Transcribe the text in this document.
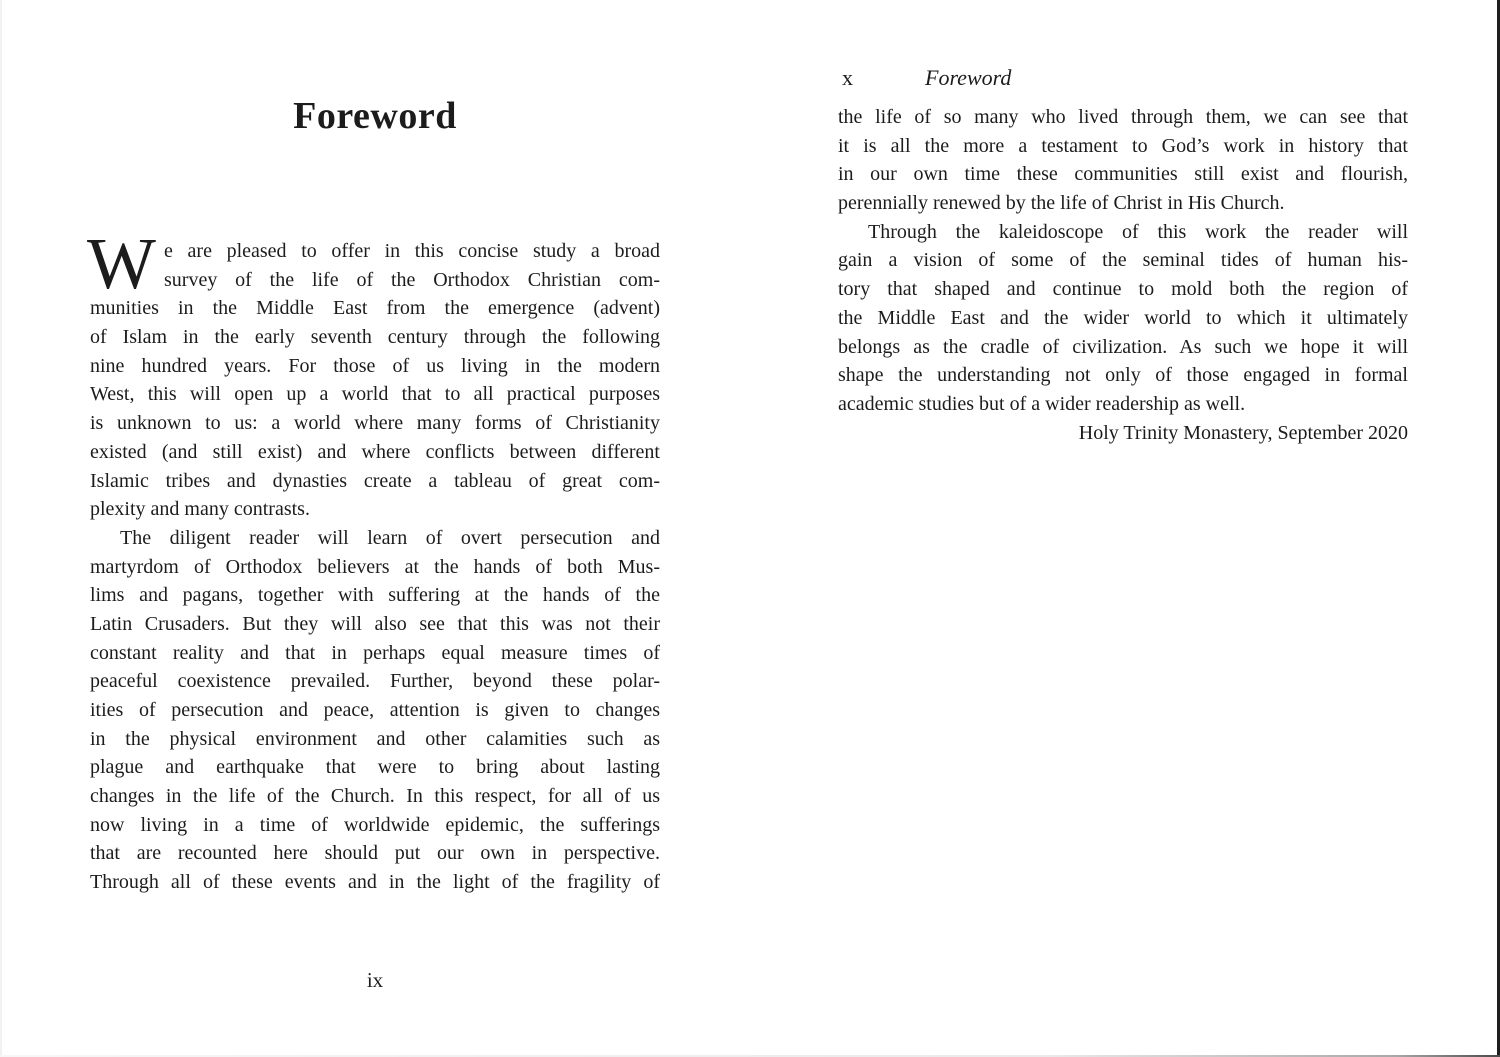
Foreword
W e are pleased to offer in this concise study a broad
survey of the life of the Orthodox Christian com-
munities in the Middle East from the emergence (advent)
of Islam in the early seventh century through the following
nine hundred years. For those of us living in the modern
West, this will open up a world that to all practical purposes
is unknown to us: a world where many forms of Christianity
existed (and still exist) and where conflicts between different
Islamic tribes and dynasties create a tableau of great com-
plexity and many contrasts.
The diligent reader will learn of overt persecution and
martyrdom of Orthodox believers at the hands of both Mus-
lims and pagans, together with suffering at the hands of the
Latin Crusaders. But they will also see that this was not their
constant reality and that in perhaps equal measure times of
peaceful coexistence prevailed. Further, beyond these polar-
ities of persecution and peace, attention is given to changes
in the physical environment and other calamities such as
plague and earthquake that were to bring about lasting
changes in the life of the Church. In this respect, for all of us
now living in a time of worldwide epidemic, the sufferings
that are recounted here should put our own in perspective.
Through all of these events and in the light of the fragility of
ix
x	Foreword
the life of so many who lived through them, we can see that
it is all the more a testament to God’s work in history that
in our own time these communities still exist and flourish,
perennially renewed by the life of Christ in His Church.
Through the kaleidoscope of this work the reader will
gain a vision of some of the seminal tides of human his-
tory that shaped and continue to mold both the region of
the Middle East and the wider world to which it ultimately
belongs as the cradle of civilization. As such we hope it will
shape the understanding not only of those engaged in formal
academic studies but of a wider readership as well.
Holy Trinity Monastery, September 2020
